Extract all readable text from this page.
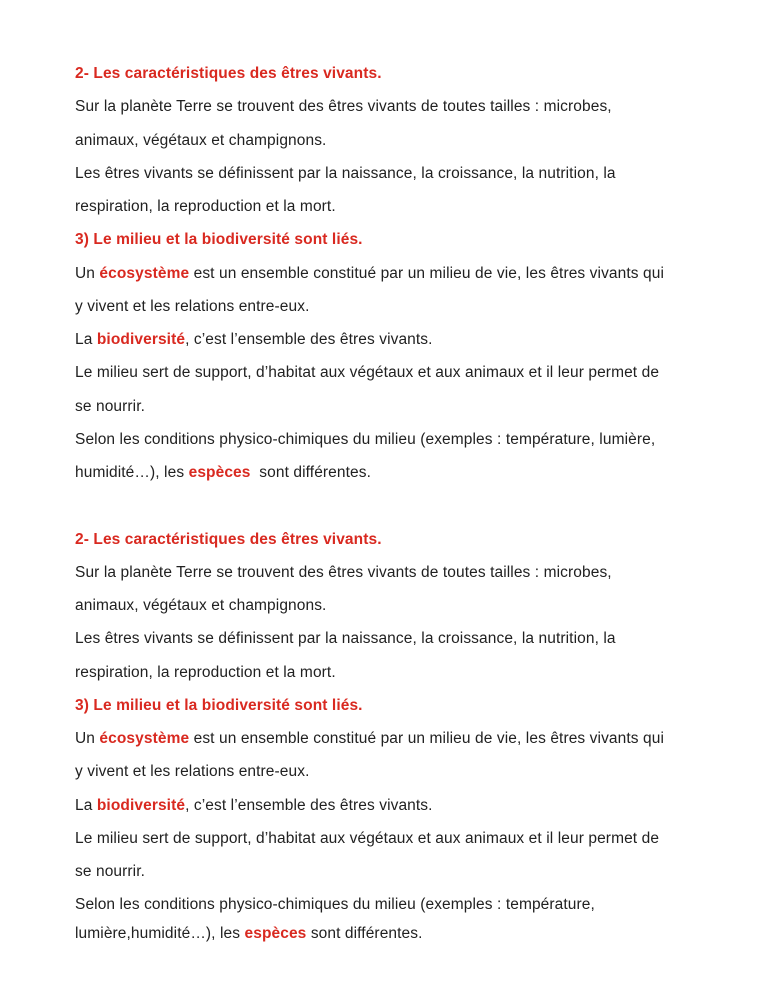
2- Les caractéristiques des êtres vivants.
Sur la planète Terre se trouvent des êtres vivants de toutes tailles : microbes,
animaux, végétaux et champignons.
Les êtres vivants se définissent par la naissance, la croissance, la nutrition, la
respiration, la reproduction et la mort.
3) Le milieu et la biodiversité sont liés.
Un écosystème est un ensemble constitué par un milieu de vie, les êtres vivants qui
y vivent et les relations entre-eux.
La biodiversité, c’est l’ensemble des êtres vivants.
Le milieu sert de support, d’habitat aux végétaux et aux animaux et il leur permet de
se nourrir.
Selon les conditions physico-chimiques du milieu (exemples : température, lumière,
humidité…), les espèces  sont différentes.
2- Les caractéristiques des êtres vivants.
Sur la planète Terre se trouvent des êtres vivants de toutes tailles : microbes,
animaux, végétaux et champignons.
Les êtres vivants se définissent par la naissance, la croissance, la nutrition, la
respiration, la reproduction et la mort.
3) Le milieu et la biodiversité sont liés.
Un écosystème est un ensemble constitué par un milieu de vie, les êtres vivants qui
y vivent et les relations entre-eux.
La biodiversité, c’est l’ensemble des êtres vivants.
Le milieu sert de support, d’habitat aux végétaux et aux animaux et il leur permet de
se nourrir.
Selon les conditions physico-chimiques du milieu (exemples : température,
lumière,humidité…), les espèces sont différentes.
